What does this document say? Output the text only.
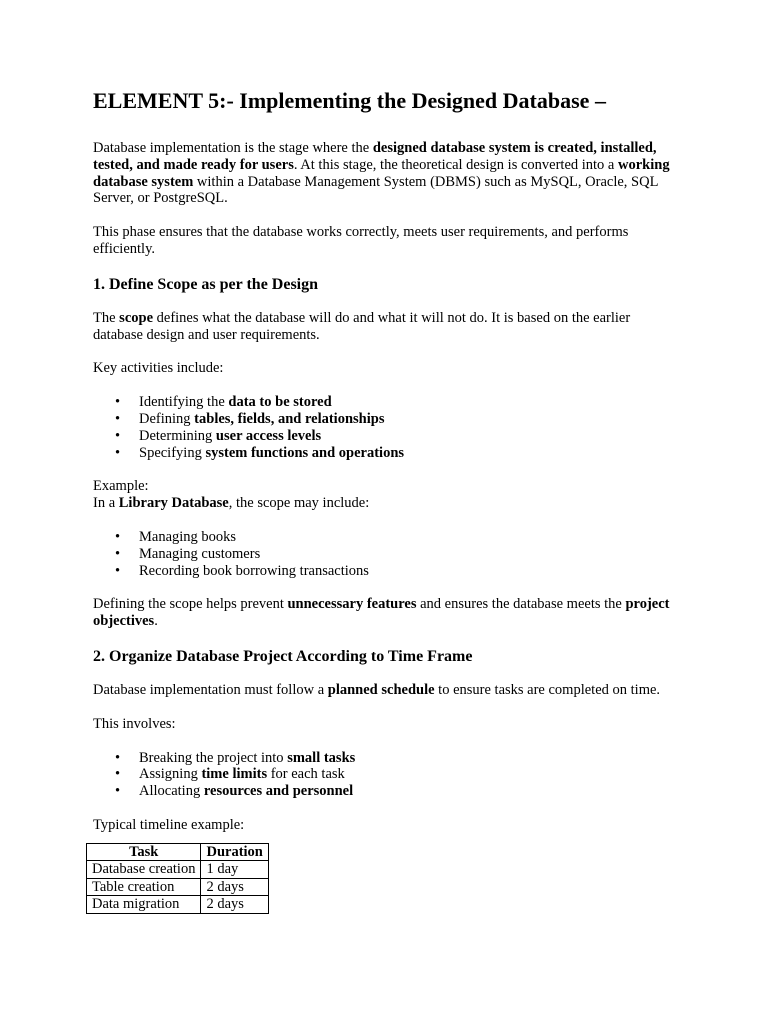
ELEMENT 5:- Implementing the Designed Database –

Database implementation is the stage where the designed database system is created, installed, tested, and made ready for users. At this stage, the theoretical design is converted into a working database system within a Database Management System (DBMS) such as MySQL, Oracle, SQL Server, or PostgreSQL.

This phase ensures that the database works correctly, meets user requirements, and performs efficiently.

1. Define Scope as per the Design

The scope defines what the database will do and what it will not do. It is based on the earlier database design and user requirements.

Key activities include:

• Identifying the data to be stored
• Defining tables, fields, and relationships
• Determining user access levels
• Specifying system functions and operations

Example:

In a Library Database, the scope may include:

• Managing books
• Managing customers
• Recording book borrowing transactions

Defining the scope helps prevent unnecessary features and ensures the database meets the project objectives.

2. Organize Database Project According to Time Frame

Database implementation must follow a planned schedule to ensure tasks are completed on time.

This involves:

• Breaking the project into small tasks
• Assigning time limits for each task
• Allocating resources and personnel

Typical timeline example:

Task	Duration
Database creation	1 day
Table creation	2 days
Data migration	2 days
